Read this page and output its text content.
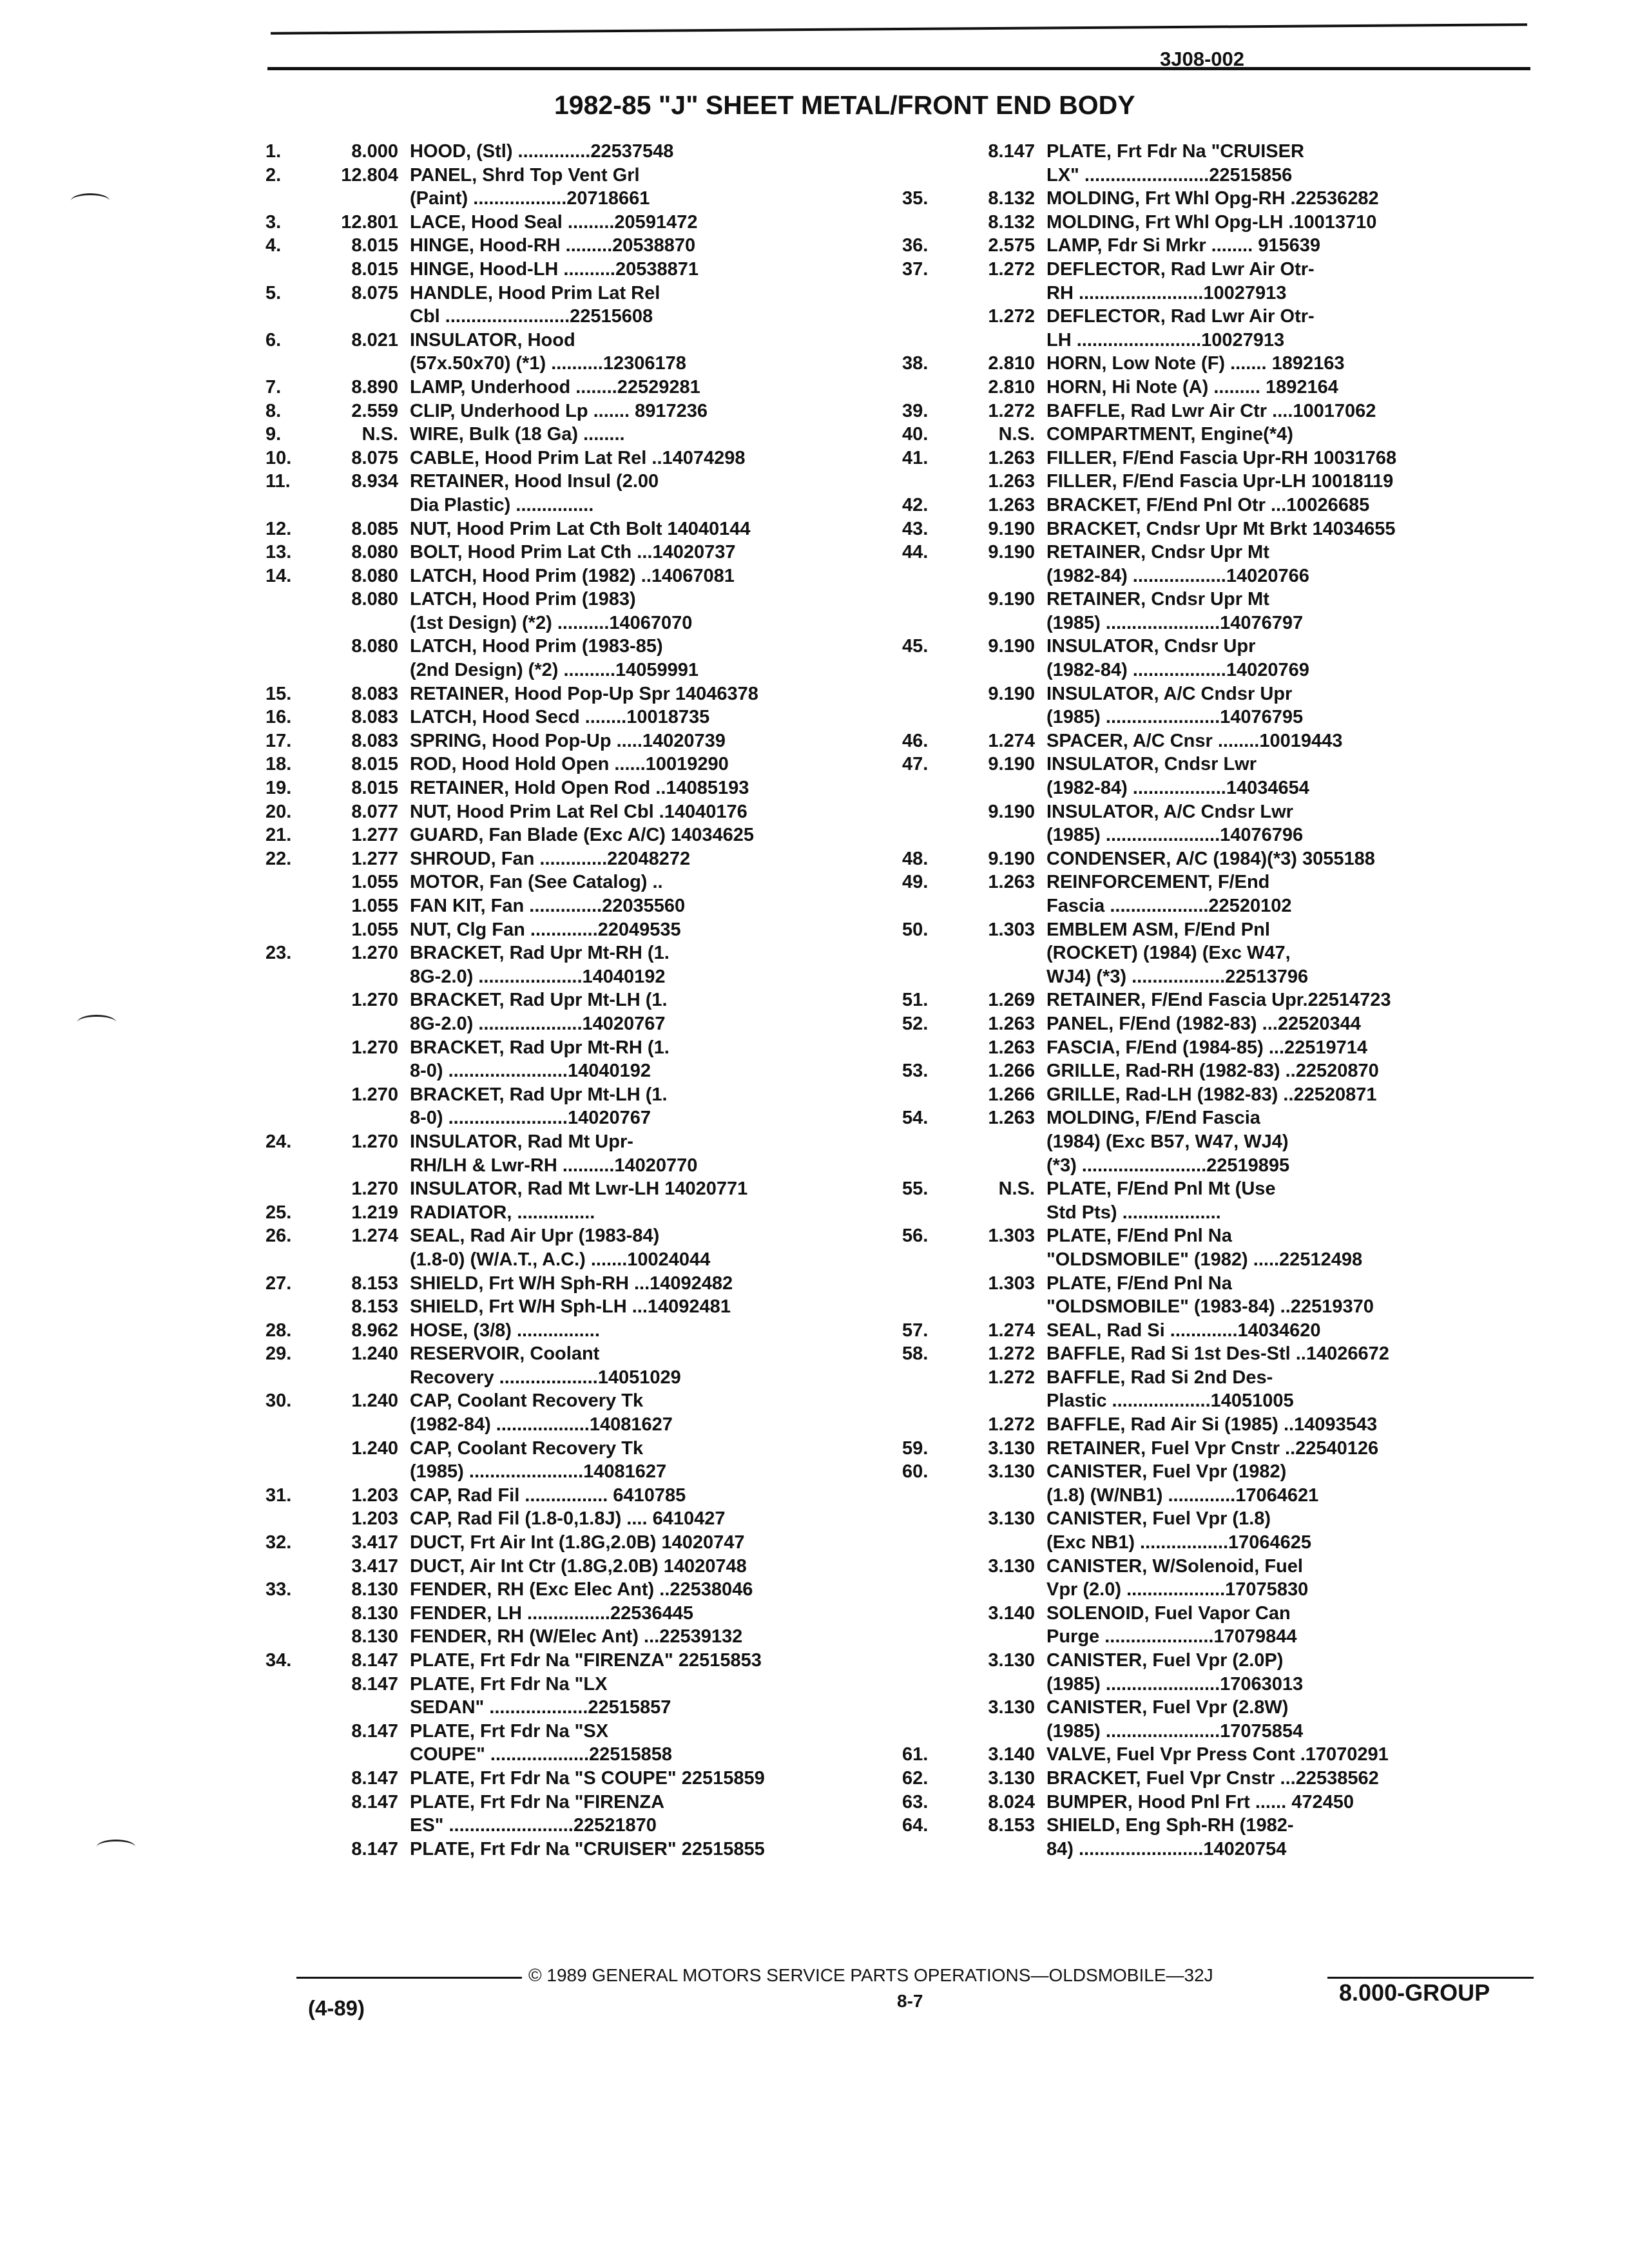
3J08-002
1982-85 "J" SHEET METAL/FRONT END BODY
1.	8.000 HOOD, (Stl) ..............22537548
2.	12.804 PANEL, Shrd Top Vent Grl
(Paint) ..................20718661
3.	12.801 LACE, Hood Seal .........20591472
4.	8.015 HINGE, Hood-RH .........20538870
8.015 HINGE, Hood-LH ..........20538871
5.	8.075 HANDLE, Hood Prim Lat Rel
Cbl ........................22515608
6.	8.021 INSULATOR, Hood
(57x.50x70) (*1) ..........12306178
7.	8.890 LAMP, Underhood ........22529281
8.	2.559 CLIP, Underhood Lp ....... 8917236
9.	N.S. WIRE, Bulk (18 Ga) ........
10.	8.075 CABLE, Hood Prim Lat Rel ..14074298
11.	8.934 RETAINER, Hood Insul (2.00
Dia Plastic) ...............
12.	8.085 NUT, Hood Prim Lat Cth Bolt 14040144
13.	8.080 BOLT, Hood Prim Lat Cth ...14020737
14.	8.080 LATCH, Hood Prim (1982) ..14067081
8.080 LATCH, Hood Prim (1983)
(1st Design) (*2) ..........14067070
8.080 LATCH, Hood Prim (1983-85)
(2nd Design) (*2) ..........14059991
15.	8.083 RETAINER, Hood Pop-Up Spr 14046378
16.	8.083 LATCH, Hood Secd ........10018735
17.	8.083 SPRING, Hood Pop-Up .....14020739
18.	8.015 ROD, Hood Hold Open ......10019290
19.	8.015 RETAINER, Hold Open Rod ..14085193
20.	8.077 NUT, Hood Prim Lat Rel Cbl .14040176
21.	1.277 GUARD, Fan Blade (Exc A/C) 14034625
22.	1.277 SHROUD, Fan .............22048272
1.055 MOTOR, Fan (See Catalog) ..
1.055 FAN KIT, Fan ..............22035560
1.055 NUT, Clg Fan .............22049535
23.	1.270 BRACKET, Rad Upr Mt-RH (1.
8G-2.0) ....................14040192
1.270 BRACKET, Rad Upr Mt-LH (1.
8G-2.0) ....................14020767
1.270 BRACKET, Rad Upr Mt-RH (1.
8-0) .......................14040192
1.270 BRACKET, Rad Upr Mt-LH (1.
8-0) .......................14020767
24.	1.270 INSULATOR, Rad Mt Upr-
RH/LH & Lwr-RH ..........14020770
1.270 INSULATOR, Rad Mt Lwr-LH 14020771
25.	1.219 RADIATOR, ...............
26.	1.274 SEAL, Rad Air Upr (1983-84)
(1.8-0) (W/A.T., A.C.) .......10024044
27.	8.153 SHIELD, Frt W/H Sph-RH ...14092482
8.153 SHIELD, Frt W/H Sph-LH ...14092481
28.	8.962 HOSE, (3/8) ................
29.	1.240 RESERVOIR, Coolant
Recovery ...................14051029
30.	1.240 CAP, Coolant Recovery Tk
(1982-84) ..................14081627
1.240 CAP, Coolant Recovery Tk
(1985) ......................14081627
31.	1.203 CAP, Rad Fil ................ 6410785
1.203 CAP, Rad Fil (1.8-0,1.8J) .... 6410427
32.	3.417 DUCT, Frt Air Int (1.8G,2.0B) 14020747
3.417 DUCT, Air Int Ctr (1.8G,2.0B) 14020748
33.	8.130 FENDER, RH (Exc Elec Ant) ..22538046
8.130 FENDER, LH ................22536445
8.130 FENDER, RH (W/Elec Ant) ...22539132
34.	8.147 PLATE, Frt Fdr Na "FIRENZA" 22515853
8.147 PLATE, Frt Fdr Na "LX
SEDAN" ...................22515857
8.147 PLATE, Frt Fdr Na "SX
COUPE" ...................22515858
8.147 PLATE, Frt Fdr Na "S COUPE" 22515859
8.147 PLATE, Frt Fdr Na "FIRENZA
ES" ........................22521870
8.147 PLATE, Frt Fdr Na "CRUISER" 22515855
8.147 PLATE, Frt Fdr Na "CRUISER
LX" ........................22515856
35.	8.132 MOLDING, Frt Whl Opg-RH .22536282
8.132 MOLDING, Frt Whl Opg-LH .10013710
36.	2.575 LAMP, Fdr Si Mrkr ........ 915639
37.	1.272 DEFLECTOR, Rad Lwr Air Otr-
RH ........................10027913
1.272 DEFLECTOR, Rad Lwr Air Otr-
LH ........................10027913
38.	2.810 HORN, Low Note (F) ....... 1892163
2.810 HORN, Hi Note (A) ......... 1892164
39.	1.272 BAFFLE, Rad Lwr Air Ctr ....10017062
40.	N.S. COMPARTMENT, Engine(*4)
41.	1.263 FILLER, F/End Fascia Upr-RH 10031768
1.263 FILLER, F/End Fascia Upr-LH 10018119
42.	1.263 BRACKET, F/End Pnl Otr ...10026685
43.	9.190 BRACKET, Cndsr Upr Mt Brkt 14034655
44.	9.190 RETAINER, Cndsr Upr Mt
(1982-84) ..................14020766
9.190 RETAINER, Cndsr Upr Mt
(1985) ......................14076797
45.	9.190 INSULATOR, Cndsr Upr
(1982-84) ..................14020769
9.190 INSULATOR, A/C Cndsr Upr
(1985) ......................14076795
46.	1.274 SPACER, A/C Cnsr ........10019443
47.	9.190 INSULATOR, Cndsr Lwr
(1982-84) ..................14034654
9.190 INSULATOR, A/C Cndsr Lwr
(1985) ......................14076796
48.	9.190 CONDENSER, A/C (1984)(*3) 3055188
49.	1.263 REINFORCEMENT, F/End
Fascia ...................22520102
50.	1.303 EMBLEM ASM, F/End Pnl
(ROCKET) (1984) (Exc W47,
WJ4) (*3) ..................22513796
51.	1.269 RETAINER, F/End Fascia Upr.22514723
52.	1.263 PANEL, F/End (1982-83) ...22520344
1.263 FASCIA, F/End (1984-85) ...22519714
53.	1.266 GRILLE, Rad-RH (1982-83) ..22520870
1.266 GRILLE, Rad-LH (1982-83) ..22520871
54.	1.263 MOLDING, F/End Fascia
(1984) (Exc B57, W47, WJ4)
(*3) ........................22519895
55.	N.S. PLATE, F/End Pnl Mt (Use
Std Pts) ...................
56.	1.303 PLATE, F/End Pnl Na
"OLDSMOBILE" (1982) .....22512498
1.303 PLATE, F/End Pnl Na
"OLDSMOBILE" (1983-84) ..22519370
57.	1.274 SEAL, Rad Si .............14034620
58.	1.272 BAFFLE, Rad Si 1st Des-Stl ..14026672
1.272 BAFFLE, Rad Si 2nd Des-
Plastic ...................14051005
1.272 BAFFLE, Rad Air Si (1985) ..14093543
59.	3.130 RETAINER, Fuel Vpr Cnstr ..22540126
60.	3.130 CANISTER, Fuel Vpr (1982)
(1.8) (W/NB1) .............17064621
3.130 CANISTER, Fuel Vpr (1.8)
(Exc NB1) .................17064625
3.130 CANISTER, W/Solenoid, Fuel
Vpr (2.0) ...................17075830
3.140 SOLENOID, Fuel Vapor Can
Purge .....................17079844
3.130 CANISTER, Fuel Vpr (2.0P)
(1985) ......................17063013
3.130 CANISTER, Fuel Vpr (2.8W)
(1985) ......................17075854
61.	3.140 VALVE, Fuel Vpr Press Cont .17070291
62.	3.130 BRACKET, Fuel Vpr Cnstr ...22538562
63.	8.024 BUMPER, Hood Pnl Frt ...... 472450
64.	8.153 SHIELD, Eng Sph-RH (1982-
84) ........................14020754
© 1989 GENERAL MOTORS SERVICE PARTS OPERATIONS—OLDSMOBILE—32J
8-7	8.000-GROUP
(4-89)
